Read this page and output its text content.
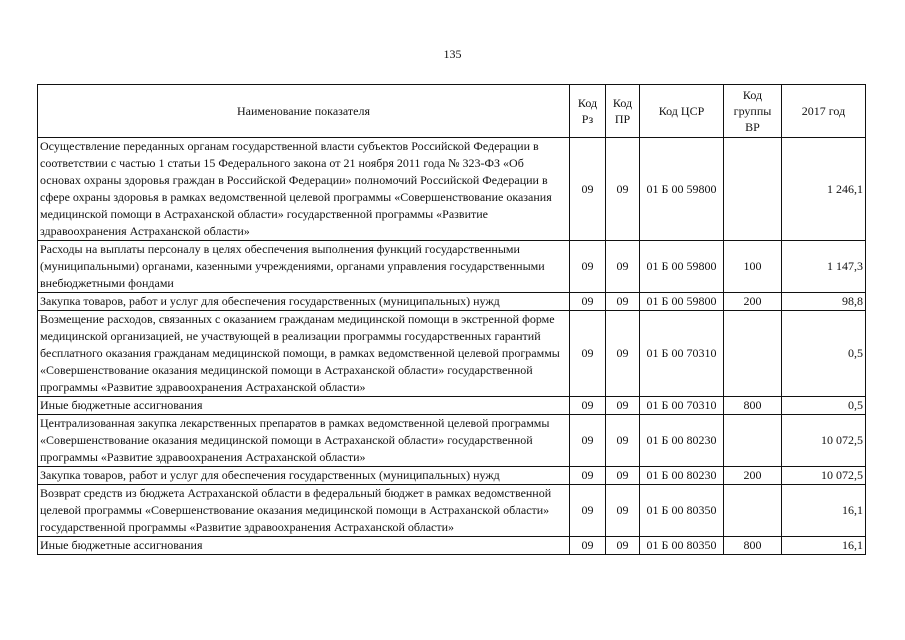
135
Наименование показателя	Код Рз	Код ПР	Код ЦСР	Код группы ВР	2017 год
Осуществление переданных органам государственной власти субъектов Российской Федерации в соответствии с частью 1 статьи 15 Федерального закона от 21 ноября 2011 года № 323-ФЗ «Об основах охраны здоровья граждан в Российской Федерации» полномочий Российской Федерации в сфере охраны здоровья в рамках ведомственной целевой программы «Совершенствование оказания медицинской помощи в Астраханской области» государственной программы «Развитие здравоохранения Астраханской области»	09	09	01 Б 00 59800		1 246,1
Расходы на выплаты персоналу в целях обеспечения выполнения функций государственными (муниципальными) органами, казенными учреждениями, органами управления государственными внебюджетными фондами	09	09	01 Б 00 59800	100	1 147,3
Закупка товаров, работ и услуг для обеспечения государственных (муниципальных) нужд	09	09	01 Б 00 59800	200	98,8
Возмещение расходов, связанных с оказанием гражданам медицинской помощи в экстренной форме медицинской организацией, не участвующей в реализации программы государственных гарантий бесплатного оказания гражданам медицинской помощи, в рамках ведомственной целевой программы «Совершенствование оказания медицинской помощи в Астраханской области» государственной программы «Развитие здравоохранения Астраханской области»	09	09	01 Б 00 70310		0,5
Иные бюджетные ассигнования	09	09	01 Б 00 70310	800	0,5
Централизованная закупка лекарственных препаратов в рамках ведомственной целевой программы «Совершенствование оказания медицинской помощи в Астраханской области» государственной программы «Развитие здравоохранения Астраханской области»	09	09	01 Б 00 80230		10 072,5
Закупка товаров, работ и услуг для обеспечения государственных (муниципальных) нужд	09	09	01 Б 00 80230	200	10 072,5
Возврат средств из бюджета Астраханской области в федеральный бюджет в рамках ведомственной целевой программы «Совершенствование оказания медицинской помощи в Астраханской области» государственной программы «Развитие здравоохранения Астраханской области»	09	09	01 Б 00 80350		16,1
Иные бюджетные ассигнования	09	09	01 Б 00 80350	800	16,1
